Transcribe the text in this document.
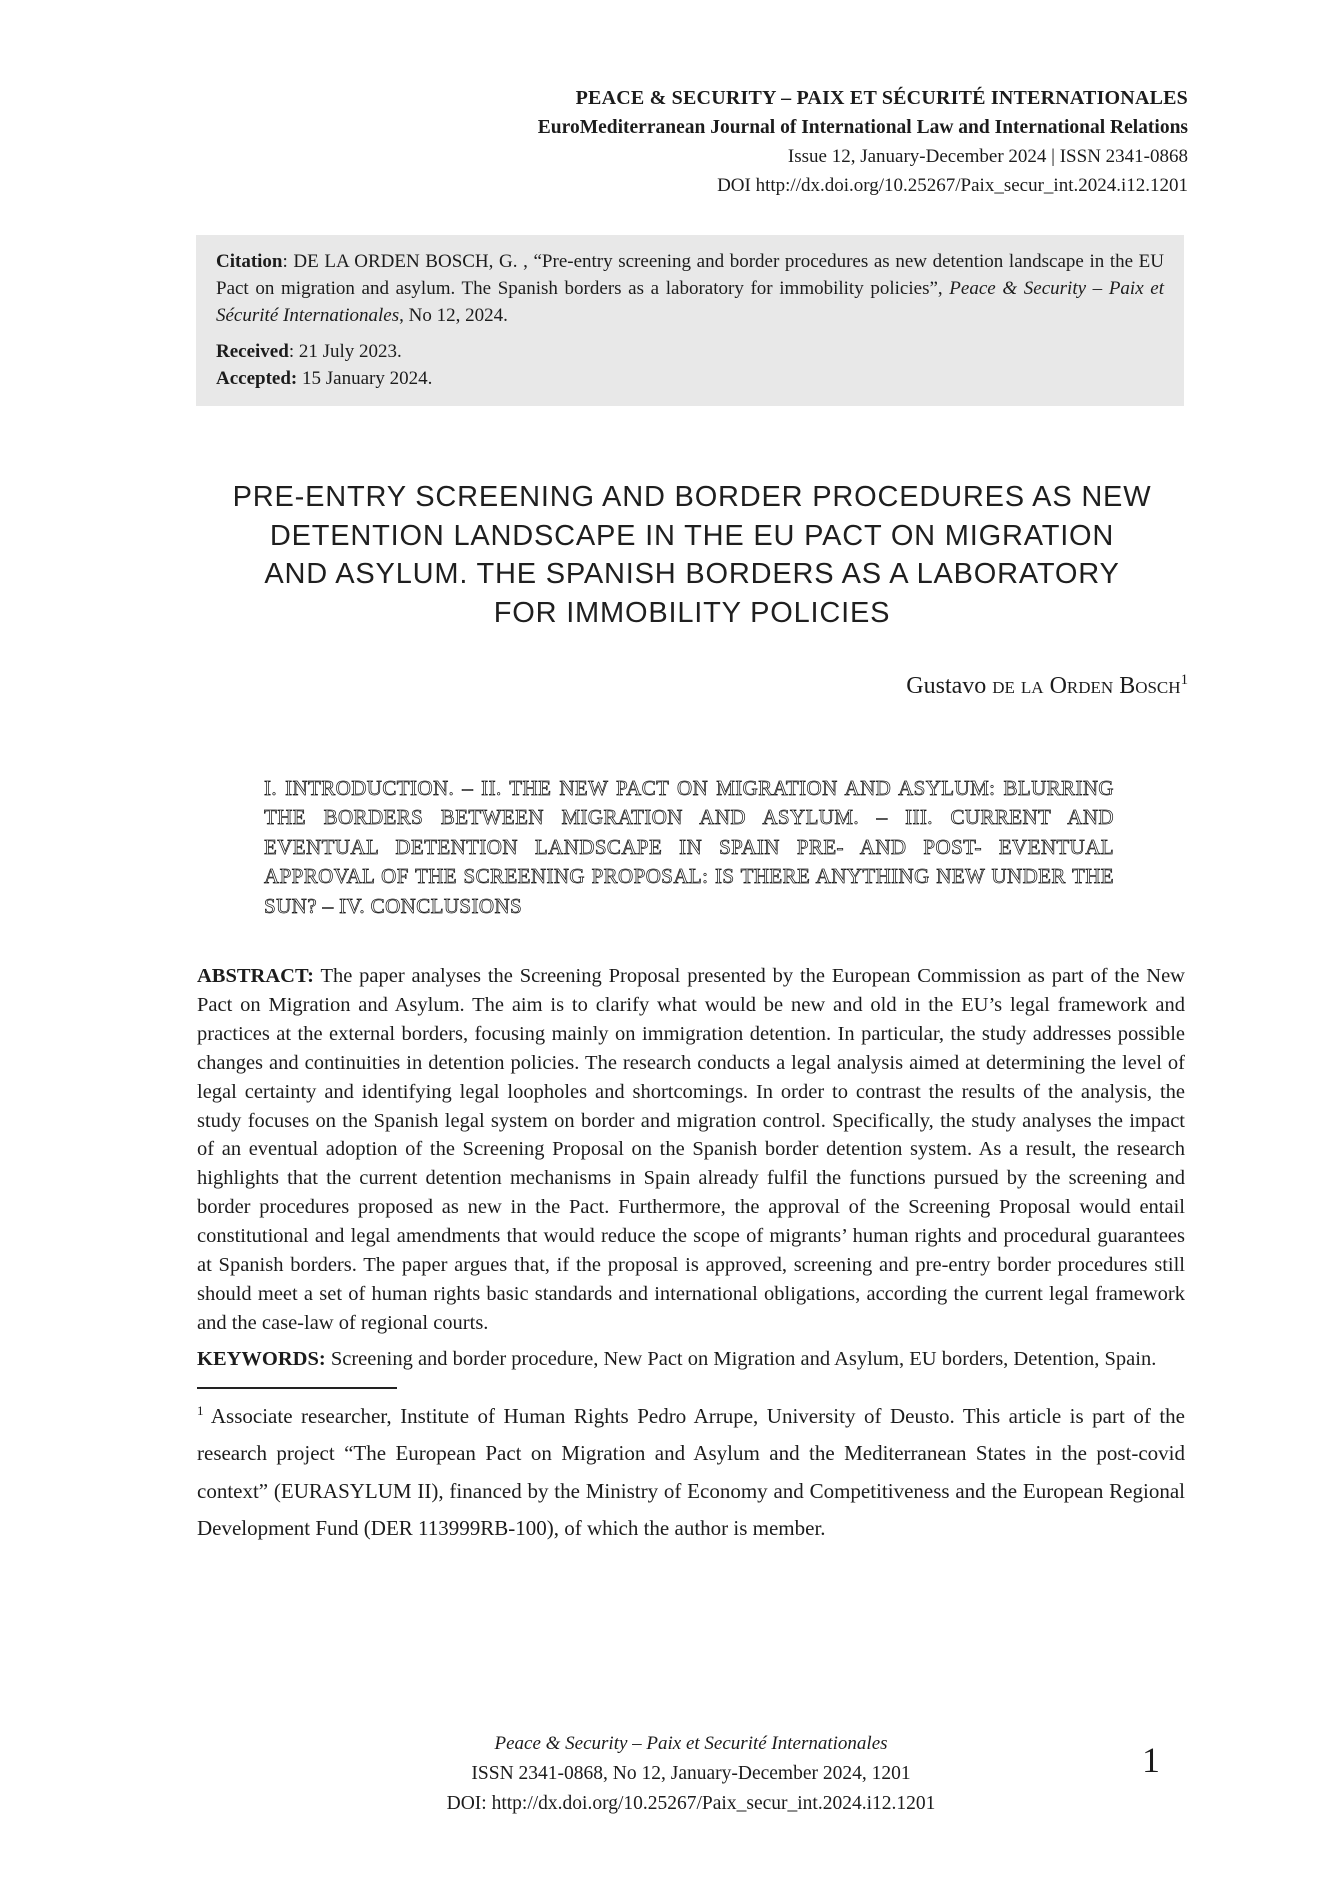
PEACE & SECURITY – PAIX ET SÉCURITÉ INTERNATIONALES
EuroMediterranean Journal of International Law and International Relations
Issue 12, January-December 2024 | ISSN 2341-0868
DOI http://dx.doi.org/10.25267/Paix_secur_int.2024.i12.1201

Citation: DE LA ORDEN BOSCH, G. , “Pre-entry screening and border procedures as new detention landscape in the EU Pact on migration and asylum. The Spanish borders as a laboratory for immobility policies”, Peace & Security – Paix et Sécurité Internationales, No 12, 2024.

Received: 21 July 2023.

Accepted: 15 January 2024.

PRE-ENTRY SCREENING AND BORDER PROCEDURES AS NEW
DETENTION LANDSCAPE IN THE EU PACT ON MIGRATION
AND ASYLUM. THE SPANISH BORDERS AS A LABORATORY
FOR IMMOBILITY POLICIES
Gustavo de la Orden Bosch$^1$
I. INTRODUCTION. – II. THE NEW PACT ON MIGRATION AND ASYLUM: BLURRING THE BORDERS BETWEEN MIGRATION AND ASYLUM. – III. CURRENT AND EVENTUAL DETENTION LANDSCAPE IN SPAIN PRE- AND POST- EVENTUAL APPROVAL OF THE SCREENING PROPOSAL: IS THERE ANYTHING NEW UNDER THE SUN? – IV. CONCLUSIONS

ABSTRACT: The paper analyses the Screening Proposal presented by the European Commission as part of the New Pact on Migration and Asylum. The aim is to clarify what would be new and old in the EU’s legal framework and practices at the external borders, focusing mainly on immigration detention. In particular, the study addresses possible changes and continuities in detention policies. The research conducts a legal analysis aimed at determining the level of legal certainty and identifying legal loopholes and shortcomings. In order to contrast the results of the analysis, the study focuses on the Spanish legal system on border and migration control. Specifically, the study analyses the impact of an eventual adoption of the Screening Proposal on the Spanish border detention system. As a result, the research highlights that the current detention mechanisms in Spain already fulfil the functions pursued by the screening and border procedures proposed as new in the Pact. Furthermore, the approval of the Screening Proposal would entail constitutional and legal amendments that would reduce the scope of migrants’ human rights and procedural guarantees at Spanish borders. The paper argues that, if the proposal is approved, screening and pre-entry border procedures still should meet a set of human rights basic standards and international obligations, according the current legal framework and the case-law of regional courts.

KEYWORDS: Screening and border procedure, New Pact on Migration and Asylum, EU borders, Detention, Spain.

$^1$ Associate researcher, Institute of Human Rights Pedro Arrupe, University of Deusto. This article is part of the research project “The European Pact on Migration and Asylum and the Mediterranean States in the post-covid context” (EURASYLUM II), financed by the Ministry of Economy and Competitiveness and the European Regional Development Fund (DER 113999RB-100), of which the author is member.

Peace & Security – Paix et Securité Internationales
ISSN 2341-0868, No 12, January-December 2024, 1201
DOI: http://dx.doi.org/10.25267/Paix_secur_int.2024.i12.1201
1
